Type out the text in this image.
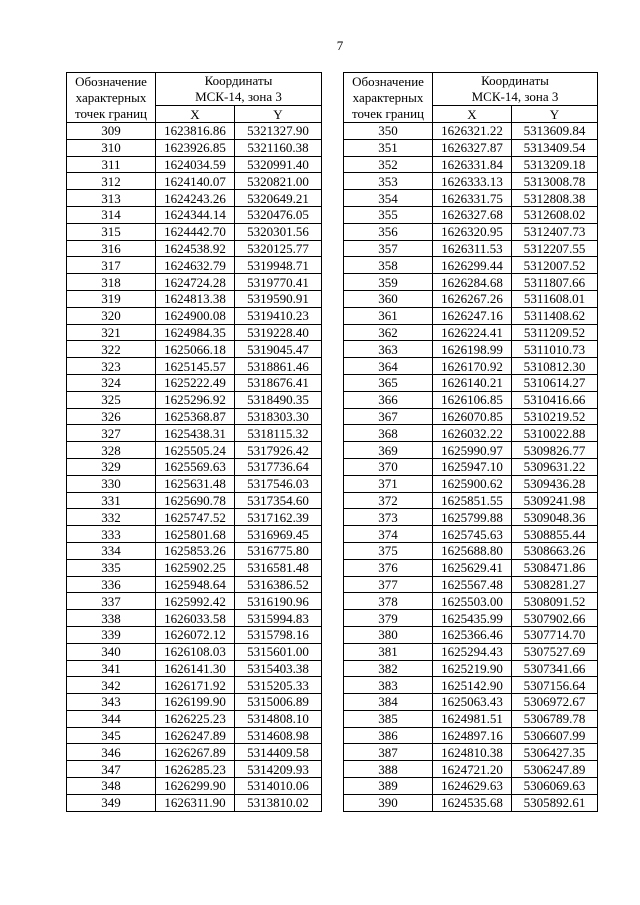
7
Обозначение
характерных
точек границ	Координаты
МСК-14, зона 3	
	X	Y
309	1623816.86	5321327.90
310	1623926.85	5321160.38
311	1624034.59	5320991.40
312	1624140.07	5320821.00
313	1624243.26	5320649.21
314	1624344.14	5320476.05
315	1624442.70	5320301.56
316	1624538.92	5320125.77
317	1624632.79	5319948.71
318	1624724.28	5319770.41
319	1624813.38	5319590.91
320	1624900.08	5319410.23
321	1624984.35	5319228.40
322	1625066.18	5319045.47
323	1625145.57	5318861.46
324	1625222.49	5318676.41
325	1625296.92	5318490.35
326	1625368.87	5318303.30
327	1625438.31	5318115.32
328	1625505.24	5317926.42
329	1625569.63	5317736.64
330	1625631.48	5317546.03
331	1625690.78	5317354.60
332	1625747.52	5317162.39
333	1625801.68	5316969.45
334	1625853.26	5316775.80
335	1625902.25	5316581.48
336	1625948.64	5316386.52
337	1625992.42	5316190.96
338	1626033.58	5315994.83
339	1626072.12	5315798.16
340	1626108.03	5315601.00
341	1626141.30	5315403.38
342	1626171.92	5315205.33
343	1626199.90	5315006.89
344	1626225.23	5314808.10
345	1626247.89	5314608.98
346	1626267.89	5314409.58
347	1626285.23	5314209.93
348	1626299.90	5314010.06
349	1626311.90	5313810.02
Обозначение
характерных
точек границ	Координаты
МСК-14, зона 3	
	X	Y
350	1626321.22	5313609.84
351	1626327.87	5313409.54
352	1626331.84	5313209.18
353	1626333.13	5313008.78
354	1626331.75	5312808.38
355	1626327.68	5312608.02
356	1626320.95	5312407.73
357	1626311.53	5312207.55
358	1626299.44	5312007.52
359	1626284.68	5311807.66
360	1626267.26	5311608.01
361	1626247.16	5311408.62
362	1626224.41	5311209.52
363	1626198.99	5311010.73
364	1626170.92	5310812.30
365	1626140.21	5310614.27
366	1626106.85	5310416.66
367	1626070.85	5310219.52
368	1626032.22	5310022.88
369	1625990.97	5309826.77
370	1625947.10	5309631.22
371	1625900.62	5309436.28
372	1625851.55	5309241.98
373	1625799.88	5309048.36
374	1625745.63	5308855.44
375	1625688.80	5308663.26
376	1625629.41	5308471.86
377	1625567.48	5308281.27
378	1625503.00	5308091.52
379	1625435.99	5307902.66
380	1625366.46	5307714.70
381	1625294.43	5307527.69
382	1625219.90	5307341.66
383	1625142.90	5307156.64
384	1625063.43	5306972.67
385	1624981.51	5306789.78
386	1624897.16	5306607.99
387	1624810.38	5306427.35
388	1624721.20	5306247.89
389	1624629.63	5306069.63
390	1624535.68	5305892.61
